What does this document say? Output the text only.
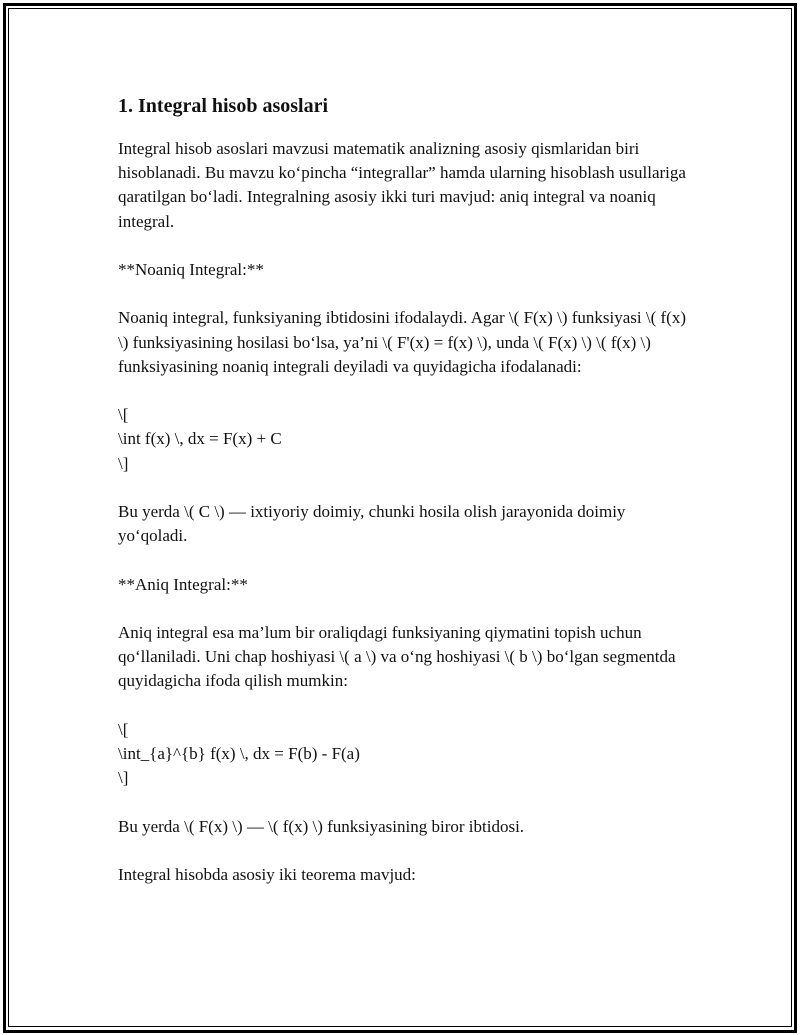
1. Integral hisob asoslari

Integral hisob asoslari mavzusi matematik analizning asosiy qismlaridan biri hisoblanadi. Bu mavzu ko‘pincha “integrallar” hamda ularning hisoblash usullariga qaratilgan bo‘ladi. Integralning asosiy ikki turi mavjud: aniq integral va noaniq integral.

**Noaniq Integral:**

Noaniq integral, funksiyaning ibtidosini ifodalaydi. Agar \( F(x) \) funksiyasi \( f(x) \) funksiyasining hosilasi bo‘lsa, ya’ni \( F'(x) = f(x) \), unda \( F(x) \) \( f(x) \) funksiyasining noaniq integrali deyiladi va quyidagicha ifodalanadi:

\[
\int f(x) \, dx = F(x) + C
\]

Bu yerda \( C \) — ixtiyoriy doimiy, chunki hosila olish jarayonida doimiy yo‘qoladi.

**Aniq Integral:**

Aniq integral esa ma’lum bir oraliqdagi funksiyaning qiymatini topish uchun qo‘llaniladi. Uni chap hoshiyasi \( a \) va o‘ng hoshiyasi \( b \) bo‘lgan segmentda quyidagicha ifoda qilish mumkin:

\[
\int_{a}^{b} f(x) \, dx = F(b) - F(a)
\]

Bu yerda \( F(x) \) — \( f(x) \) funksiyasining biror ibtidosi.

Integral hisobda asosiy iki teorema mavjud:
